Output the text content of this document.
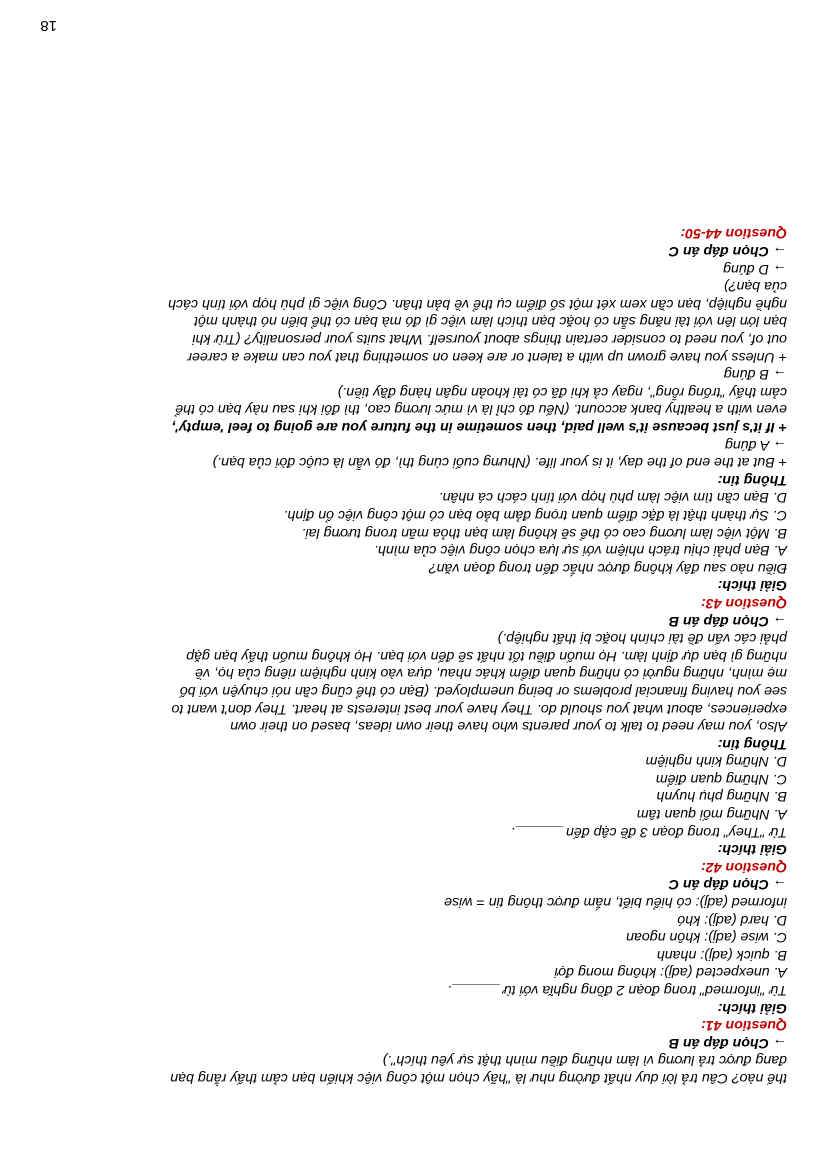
thế nào? Câu trả lời duy nhất đường như là "hãy chọn một công việc khiến bạn cảm thấy rằng bạn

đang được trả lương vì làm những điều mình thật sự yêu thích".)

→ Chọn đáp án B

Question 41:

Giải thích:

Từ "informed" trong đoạn 2 đồng nghĩa với từ ______.

A. unexpected (adj): không mong đợi

B. quick (adj): nhanh

C. wise (adj): khôn ngoan

D. hard (adj): khó

informed (adj): có hiểu biết, nắm được thông tin = wise

→ Chọn đáp án C

Question 42:

Giải thích:

Từ "They" trong đoạn 3 đề cập đến ______.

A. Những mối quan tâm

B. Những phụ huynh

C. Những quan điểm

D. Những kinh nghiệm

Thông tin:

Also, you may need to talk to your parents who have their own ideas, based on their own

experiences, about what you should do. They have your best interests at heart. They don't want to

see you having financial problems or being unemployed. (Bạn có thể cũng cần nói chuyện với bố

mẹ mình, những người có những quan điểm khác nhau, dựa vào kinh nghiệm riêng của họ, về

những gì bạn dự định làm. Họ muốn điều tốt nhất sẽ đến với bạn. Họ không muốn thấy bạn gặp

phải các vấn đề tài chính hoặc bị thất nghiệp.)

→ Chọn đáp án B

Question 43:

Giải thích:

Điều nào sau đây không được nhắc đến trong đoạn văn?

A. Bạn phải chịu trách nhiệm với sự lựa chọn công việc của mình.

B. Một việc làm lương cao có thể sẽ không làm bạn thỏa mãn trong tương lai.

C. Sự thành thật là đặc điểm quan trọng đảm bảo bạn có một công việc ổn định.

D. Bạn cần tìm việc làm phù hợp với tính cách cá nhân.

Thông tin:

+ But at the end of the day, it is your life. (Nhưng cuối cùng thì, đó vẫn là cuộc đời của bạn.)

→ A đúng

+ If it's just because it's well paid, then sometime in the future you are going to feel 'empty',

even with a healthy bank account. (Nếu đó chỉ là vì mức lương cao, thì đôi khi sau này bạn có thể

cảm thấy "trống rỗng", ngay cả khi đã có tài khoản ngân hàng đầy tiền.)

→ B đúng

+ Unless you have grown up with a talent or are keen on something that you can make a career

out of, you need to consider certain things about yourself. What suits your personality? (Trừ khi

bạn lớn lên với tài năng sẵn có hoặc bạn thích làm việc gì đó mà bạn có thể biến nó thành một

nghề nghiệp, bạn cần xem xét một số điểm cụ thể về bản thân. Công việc gì phù hợp với tính cách

của bạn?)

→ D đúng

→ Chọn đáp án C

Question 44-50:

18
